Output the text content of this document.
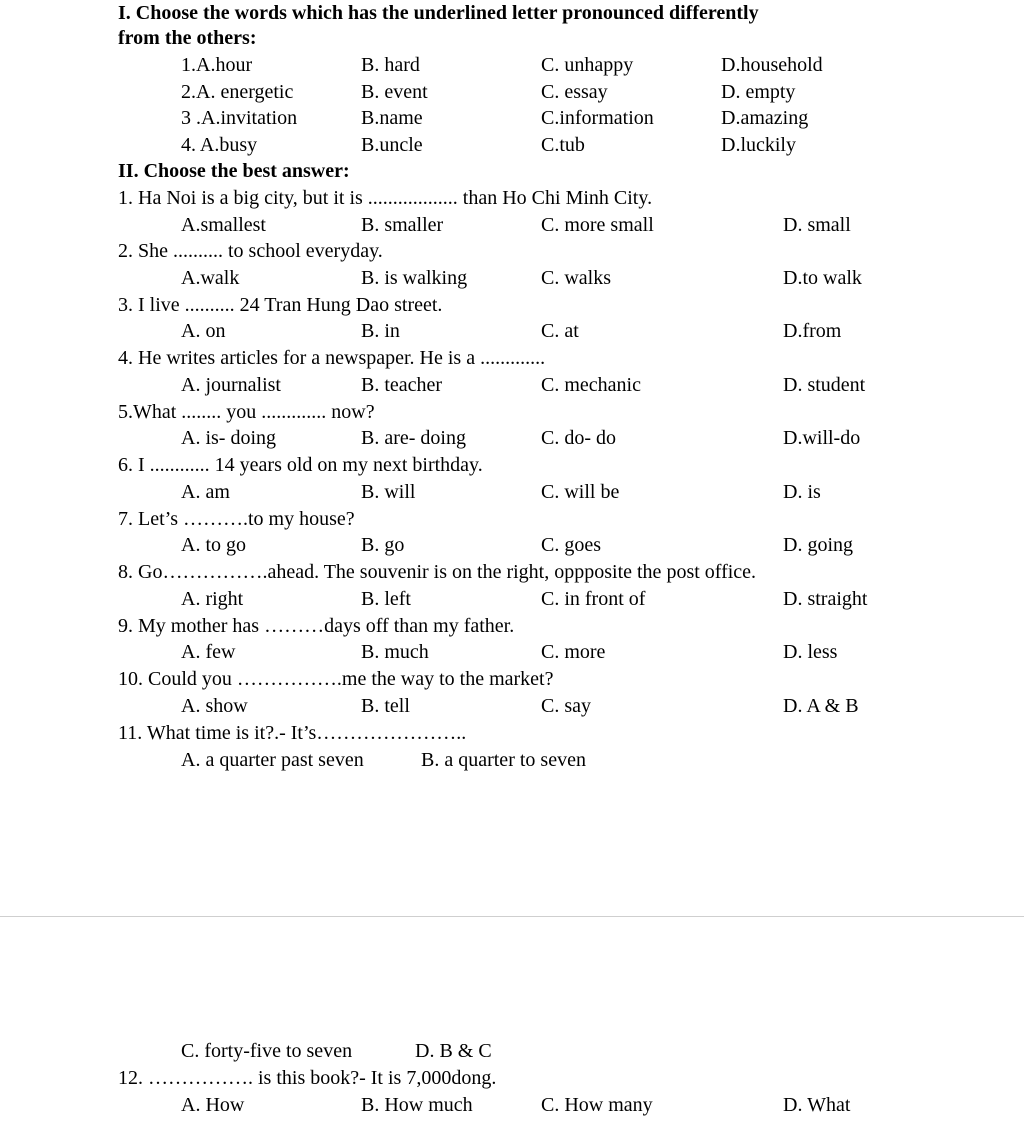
I. Choose the words which has the underlined letter pronounced differently
from the others:
1.A.hour	B. hard	C. unhappy	D.household
2.A. energetic	B. event	C. essay	D. empty
3 .A.invitation	B.name	C.information	D.amazing
4. A.busy	B.uncle	C.tub	D.luckily
II. Choose the best answer:
1. Ha Noi is a big city, but it is .................. than Ho Chi Minh City.
A.smallest	B. smaller	C. more small	D. small
2. She .......... to school everyday.
A.walk	B. is walking	C. walks	D.to walk
3. I live .......... 24 Tran Hung Dao street.
A. on	B. in	C. at	D.from
4. He writes articles for a newspaper. He is a .............
A. journalist	B. teacher	C. mechanic	D. student
5.What ........ you ............. now?
A. is- doing	B. are- doing	C. do- do	D.will-do
6. I ............ 14 years old on my next birthday.
A. am	B. will	C. will be	D. is
7. Let’s ……….to my house?
A. to go	B. go	C. goes	D. going
8. Go…………….ahead. The souvenir is on the right, oppposite the post office.
A. right	B. left	C. in front of	D. straight
9. My mother has ………days off than my father.
A. few	B. much	C. more	D. less
10. Could you …………….me the way to the market?
A. show	B. tell	C. say	D. A & B
11. What time is it?.- It’s…………………..
A. a quarter past seven	B. a quarter to seven
C. forty-five to seven	D. B & C
12. ……………. is this book?- It is 7,000dong.
A. How	B. How much	C. How many	D. What
